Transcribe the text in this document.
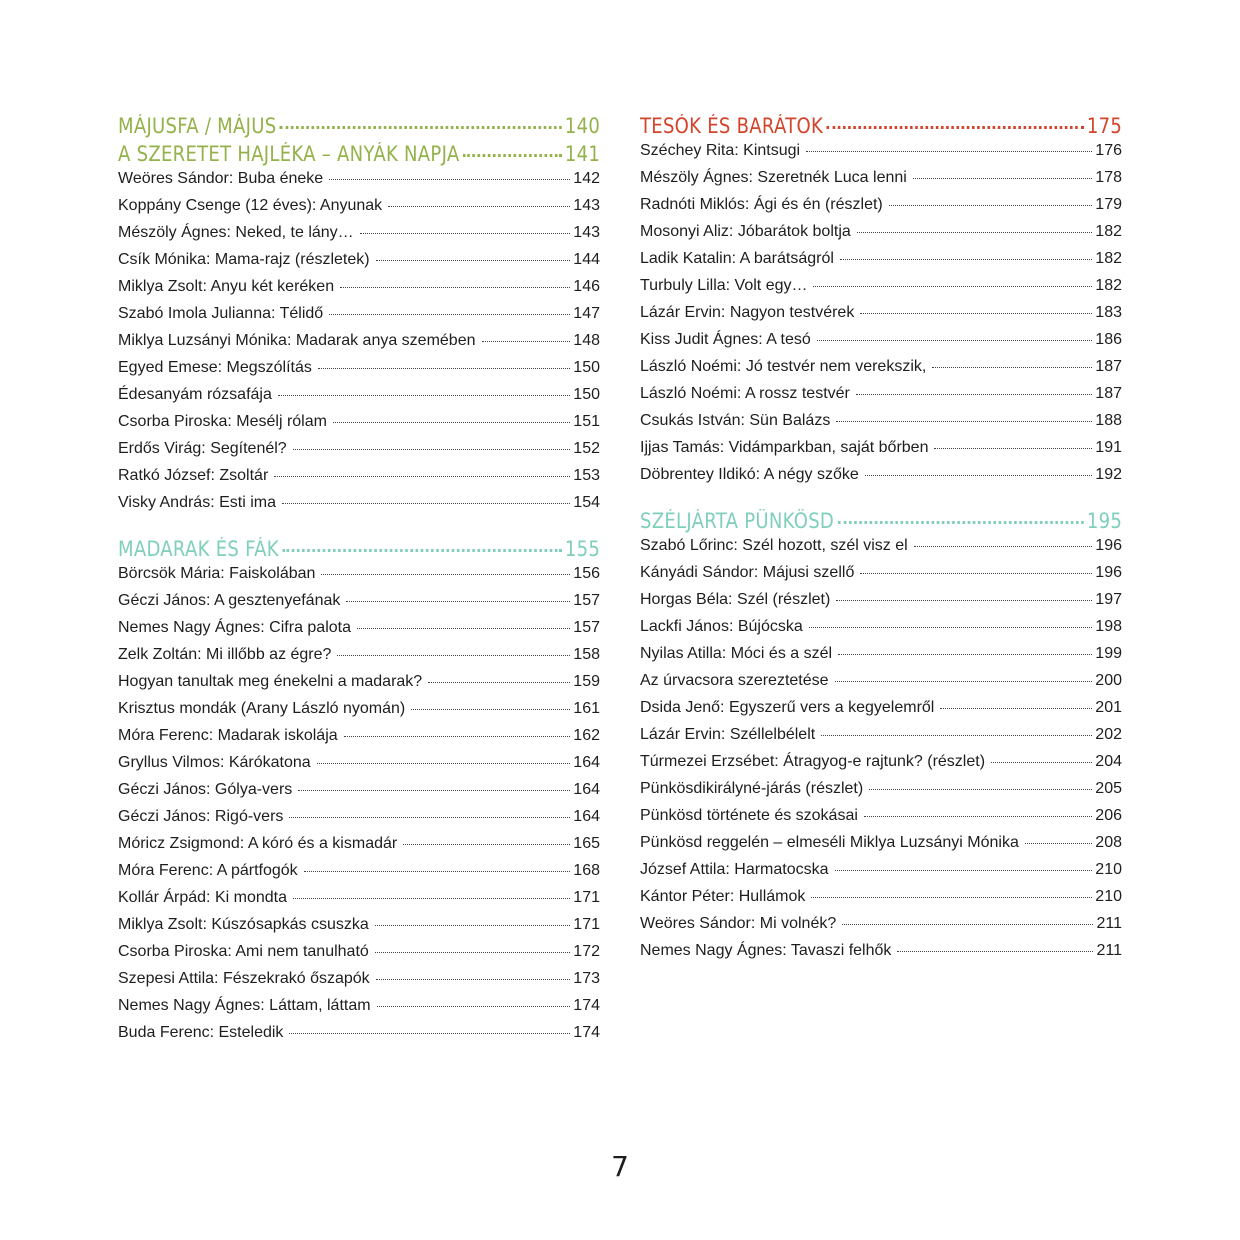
MÁJUSFA / MÁJUS	140
A SZERETET HAJLÉKA – ANYÁK NAPJA	141
Weöres Sándor: Buba éneke	142
Koppány Csenge (12 éves): Anyunak	143
Mészöly Ágnes: Neked, te lány…	143
Csík Mónika: Mama-rajz (részletek)	144
Miklya Zsolt: Anyu két keréken	146
Szabó Imola Julianna: Télidő	147
Miklya Luzsányi Mónika: Madarak anya szemében	148
Egyed Emese: Megszólítás	150
Édesanyám rózsafája	150
Csorba Piroska: Mesélj rólam	151
Erdős Virág: Segítenél?	152
Ratkó József: Zsoltár	153
Visky András: Esti ima	154
MADARAK ÉS FÁK	155
Börcsök Mária: Faiskolában	156
Géczi János: A gesztenyefának	157
Nemes Nagy Ágnes: Cifra palota	157
Zelk Zoltán: Mi illőbb az égre?	158
Hogyan tanultak meg énekelni a madarak?	159
Krisztus mondák (Arany László nyomán)	161
Móra Ferenc: Madarak iskolája	162
Gryllus Vilmos: Kárókatona	164
Géczi János: Gólya-vers	164
Géczi János: Rigó-vers	164
Móricz Zsigmond: A kóró és a kismadár	165
Móra Ferenc: A pártfogók	168
Kollár Árpád: Ki mondta	171
Miklya Zsolt: Kúszósapkás csuszka	171
Csorba Piroska: Ami nem tanulható	172
Szepesi Attila: Fészekrakó őszapók	173
Nemes Nagy Ágnes: Láttam, láttam	174
Buda Ferenc: Esteledik	174
TESÓK ÉS BARÁTOK	175
Széchey Rita: Kintsugi	176
Mészöly Ágnes: Szeretnék Luca lenni	178
Radnóti Miklós: Ági és én (részlet)	179
Mosonyi Aliz: Jóbarátok boltja	182
Ladik Katalin: A barátságról	182
Turbuly Lilla: Volt egy…	182
Lázár Ervin: Nagyon testvérek	183
Kiss Judit Ágnes: A tesó	186
László Noémi: Jó testvér nem verekszik,	187
László Noémi: A rossz testvér	187
Csukás István: Sün Balázs	188
Ijjas Tamás: Vidámparkban, saját bőrben	191
Döbrentey Ildikó: A négy szőke	192
SZÉLJÁRTA PÜNKÖSD	195
Szabó Lőrinc: Szél hozott, szél visz el	196
Kányádi Sándor: Májusi szellő	196
Horgas Béla: Szél (részlet)	197
Lackfi János: Bújócska	198
Nyilas Atilla: Móci és a szél	199
Az úrvacsora szereztetése	200
Dsida Jenő: Egyszerű vers a kegyelemről	201
Lázár Ervin: Széllelbélelt	202
Túrmezei Erzsébet: Átragyog-e rajtunk? (részlet)	204
Pünkösdikirályné-járás (részlet)	205
Pünkösd története és szokásai	206
Pünkösd reggelén – elmeséli Miklya Luzsányi Mónika	208
József Attila: Harmatocska	210
Kántor Péter: Hullámok	210
Weöres Sándor: Mi volnék?	211
Nemes Nagy Ágnes: Tavaszi felhők	211
7
